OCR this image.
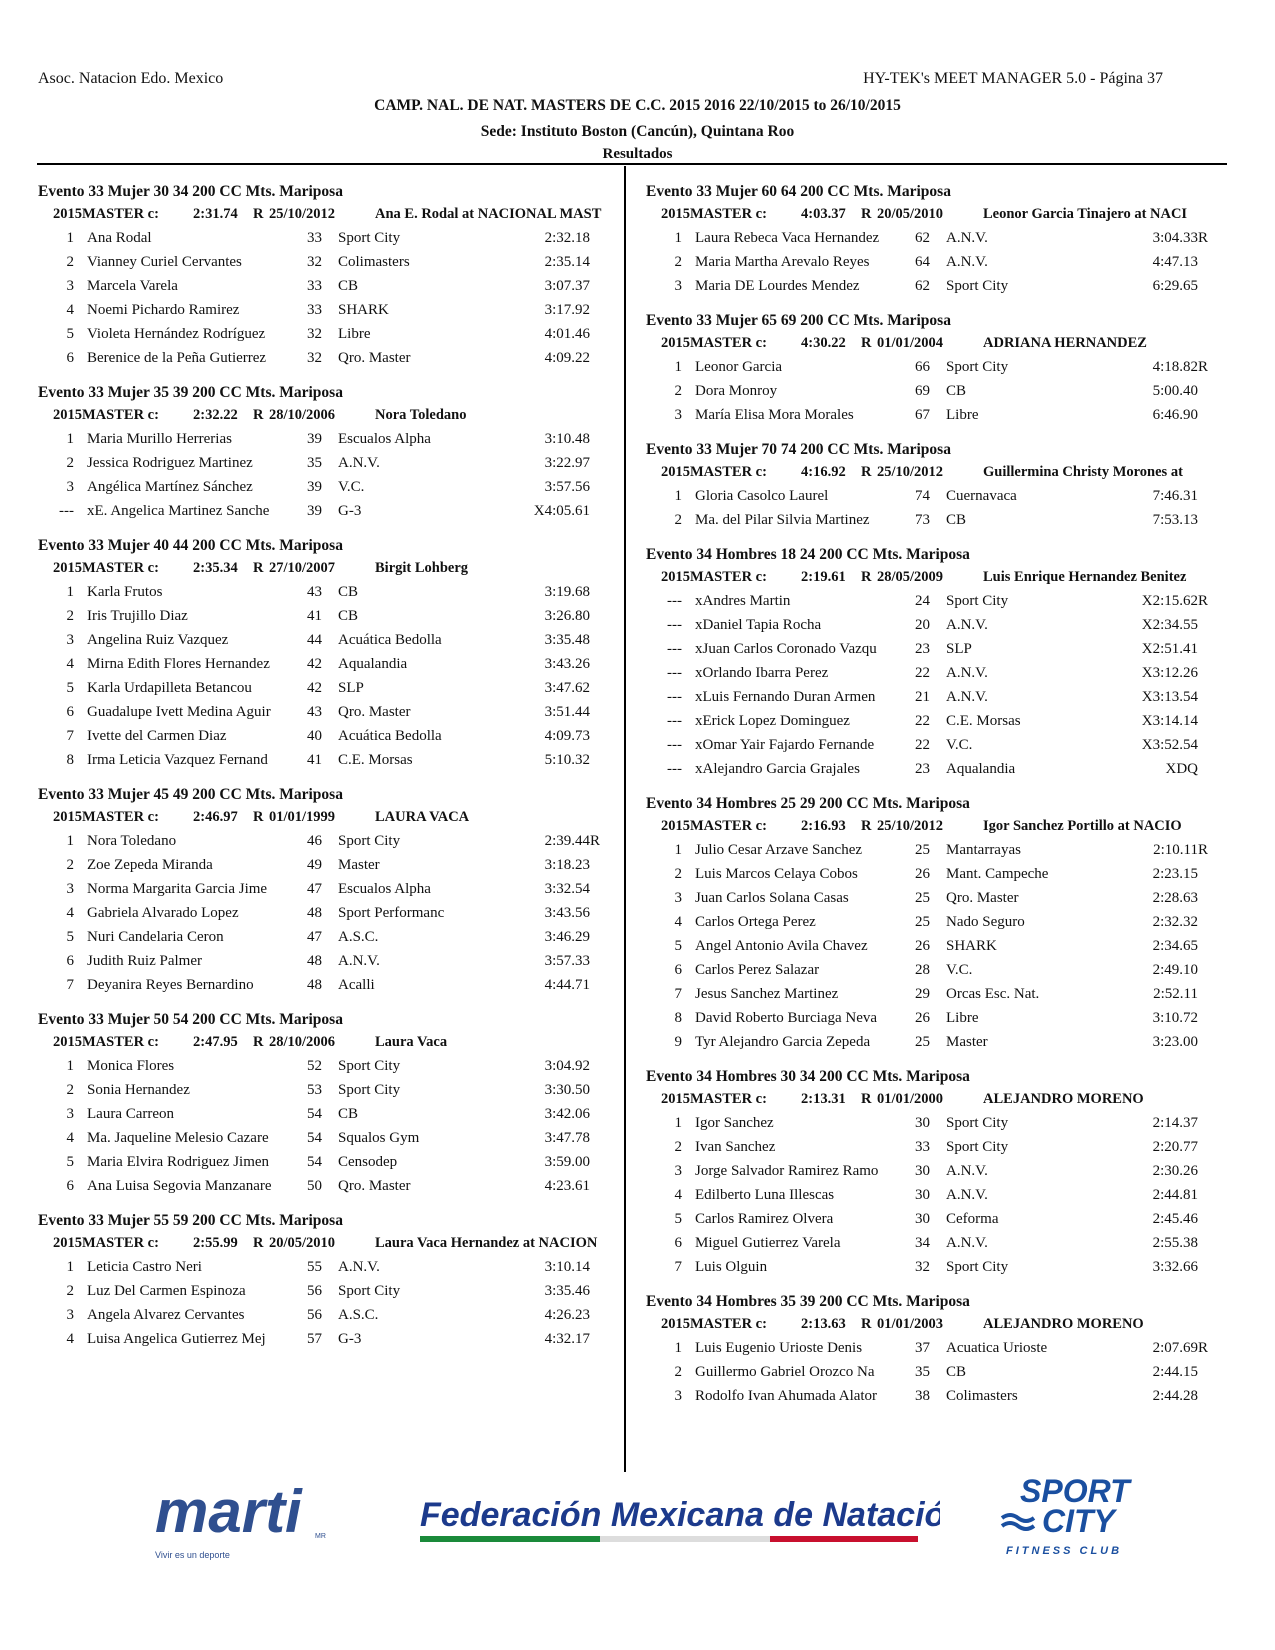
Asoc. Natacion Edo. Mexico	HY-TEK's MEET MANAGER 5.0 - Página 37
CAMP. NAL. DE NAT. MASTERS DE C.C. 2015 2016 22/10/2015 to 26/10/2015
Sede: Instituto Boston (Cancún), Quintana Roo
Resultados
Evento 33 Mujer 30 34 200 CC Mts. Mariposa
2015MASTER c: 2:31.74 R 25/10/2012	Ana E. Rodal at NACIONAL MAST
1 Ana Rodal	33	Sport City	2:32.18
2 Vianney Curiel Cervantes	32	Colimasters	2:35.14
3 Marcela Varela	33	CB	3:07.37
4 Noemi Pichardo Ramirez	33	SHARK	3:17.92
5 Violeta Hernández Rodríguez	32	Libre	4:01.46
6 Berenice de la Peña Gutierrez	32	Qro. Master	4:09.22
Evento 33 Mujer 35 39 200 CC Mts. Mariposa
2015MASTER c: 2:32.22 R 28/10/2006	Nora Toledano
1 Maria Murillo Herrerias	39	Escualos Alpha	3:10.48
2 Jessica Rodriguez Martinez	35	A.N.V.	3:22.97
3 Angélica Martínez Sánchez	39	V.C.	3:57.56
--- xE. Angelica Martinez Sanche	39	G-3	X4:05.61
Evento 33 Mujer 40 44 200 CC Mts. Mariposa
2015MASTER c: 2:35.34 R 27/10/2007	Birgit Lohberg
1 Karla Frutos	43	CB	3:19.68
2 Iris Trujillo Diaz	41	CB	3:26.80
3 Angelina Ruiz Vazquez	44	Acuática Bedolla	3:35.48
4 Mirna Edith Flores Hernandez	42	Aqualandia	3:43.26
5 Karla Urdapilleta Betancou	42	SLP	3:47.62
6 Guadalupe Ivett Medina Aguir	43	Qro. Master	3:51.44
7 Ivette del Carmen Diaz	40	Acuática Bedolla	4:09.73
8 Irma Leticia Vazquez Fernand	41	C.E. Morsas	5:10.32
Evento 33 Mujer 45 49 200 CC Mts. Mariposa
2015MASTER c: 2:46.97 R 01/01/1999	LAURA VACA
1 Nora Toledano	46	Sport City	2:39.44 R
2 Zoe Zepeda Miranda	49	Master	3:18.23
3 Norma Margarita Garcia Jime	47	Escualos Alpha	3:32.54
4 Gabriela Alvarado Lopez	48	Sport Performanc	3:43.56
5 Nuri Candelaria Ceron	47	A.S.C.	3:46.29
6 Judith Ruiz Palmer	48	A.N.V.	3:57.33
7 Deyanira Reyes Bernardino	48	Acalli	4:44.71
Evento 33 Mujer 50 54 200 CC Mts. Mariposa
2015MASTER c: 2:47.95 R 28/10/2006	Laura Vaca
1 Monica Flores	52	Sport City	3:04.92
2 Sonia Hernandez	53	Sport City	3:30.50
3 Laura Carreon	54	CB	3:42.06
4 Ma. Jaqueline Melesio Cazare	54	Squalos Gym	3:47.78
5 Maria Elvira Rodriguez Jimen	54	Censodep	3:59.00
6 Ana Luisa Segovia Manzanare	50	Qro. Master	4:23.61
Evento 33 Mujer 55 59 200 CC Mts. Mariposa
2015MASTER c: 2:55.99 R 20/05/2010	Laura Vaca Hernandez at NACION
1 Leticia Castro Neri	55	A.N.V.	3:10.14
2 Luz Del Carmen Espinoza	56	Sport City	3:35.46
3 Angela Alvarez Cervantes	56	A.S.C.	4:26.23
4 Luisa Angelica Gutierrez Mej	57	G-3	4:32.17
Evento 33 Mujer 60 64 200 CC Mts. Mariposa
2015MASTER c: 4:03.37 R 20/05/2010	Leonor Garcia Tinajero at NACI
1 Laura Rebeca Vaca Hernandez	62	A.N.V.	3:04.33 R
2 Maria Martha Arevalo Reyes	64	A.N.V.	4:47.13
3 Maria DE Lourdes Mendez	62	Sport City	6:29.65
Evento 33 Mujer 65 69 200 CC Mts. Mariposa
2015MASTER c: 4:30.22 R 01/01/2004	ADRIANA HERNANDEZ
1 Leonor Garcia	66	Sport City	4:18.82 R
2 Dora Monroy	69	CB	5:00.40
3 María Elisa Mora Morales	67	Libre	6:46.90
Evento 33 Mujer 70 74 200 CC Mts. Mariposa
2015MASTER c: 4:16.92 R 25/10/2012	Guillermina Christy Morones at
1 Gloria Casolco Laurel	74	Cuernavaca	7:46.31
2 Ma. del Pilar Silvia Martinez	73	CB	7:53.13
Evento 34 Hombres 18 24 200 CC Mts. Mariposa
2015MASTER c: 2:19.61 R 28/05/2009	Luis Enrique Hernandez Benitez
--- xAndres Martin	24	Sport City	X2:15.62 R
--- xDaniel Tapia Rocha	20	A.N.V.	X2:34.55
--- xJuan Carlos Coronado Vazqu	23	SLP	X2:51.41
--- xOrlando Ibarra Perez	22	A.N.V.	X3:12.26
--- xLuis Fernando Duran Armen	21	A.N.V.	X3:13.54
--- xErick Lopez Dominguez	22	C.E. Morsas	X3:14.14
--- xOmar Yair Fajardo Fernande	22	V.C.	X3:52.54
--- xAlejandro Garcia Grajales	23	Aqualandia	XDQ
Evento 34 Hombres 25 29 200 CC Mts. Mariposa
2015MASTER c: 2:16.93 R 25/10/2012	Igor Sanchez Portillo at NACIO
1 Julio Cesar Arzave Sanchez	25	Mantarrayas	2:10.11 R
2 Luis Marcos Celaya Cobos	26	Mant. Campeche	2:23.15
3 Juan Carlos Solana Casas	25	Qro. Master	2:28.63
4 Carlos Ortega Perez	25	Nado Seguro	2:32.32
5 Angel Antonio Avila Chavez	26	SHARK	2:34.65
6 Carlos Perez Salazar	28	V.C.	2:49.10
7 Jesus Sanchez Martinez	29	Orcas Esc. Nat.	2:52.11
8 David Roberto Burciaga Neva	26	Libre	3:10.72
9 Tyr Alejandro Garcia Zepeda	25	Master	3:23.00
Evento 34 Hombres 30 34 200 CC Mts. Mariposa
2015MASTER c: 2:13.31 R 01/01/2000	ALEJANDRO MORENO
1 Igor Sanchez	30	Sport City	2:14.37
2 Ivan Sanchez	33	Sport City	2:20.77
3 Jorge Salvador Ramirez Ramo	30	A.N.V.	2:30.26
4 Edilberto Luna Illescas	30	A.N.V.	2:44.81
5 Carlos Ramirez Olvera	30	Ceforma	2:45.46
6 Miguel Gutierrez Varela	34	A.N.V.	2:55.38
7 Luis Olguin	32	Sport City	3:32.66
Evento 34 Hombres 35 39 200 CC Mts. Mariposa
2015MASTER c: 2:13.63 R 01/01/2003	ALEJANDRO MORENO
1 Luis Eugenio Urioste Denis	37	Acuatica Urioste	2:07.69 R
2 Guillermo Gabriel Orozco Na	35	CB	2:44.15
3 Rodolfo Ivan Ahumada Alator	38	Colimasters	2:44.28
marti MR
Vivir es un deporte
Federación Mexicana de Natación
SPORT
CITY
FITNESS CLUB
